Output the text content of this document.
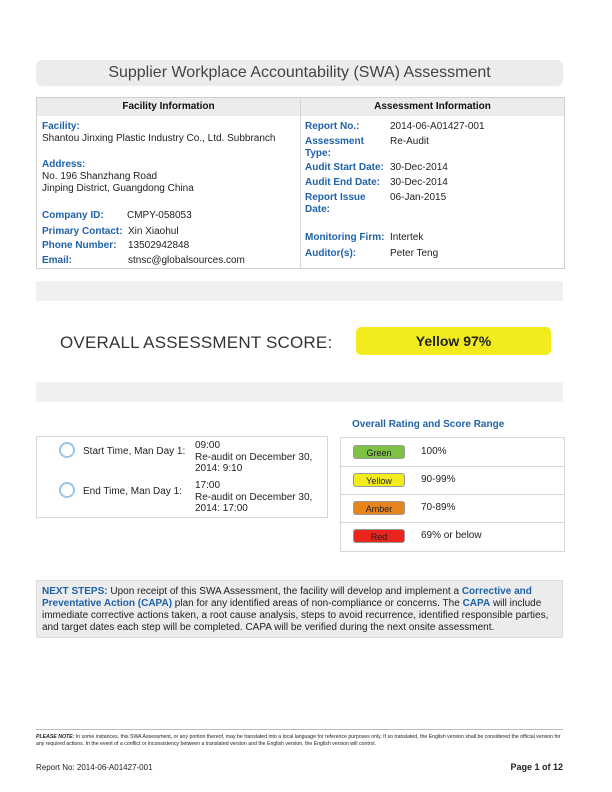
Supplier Workplace Accountability (SWA) Assessment
Facility Information	Assessment Information
Facility:
Shantou Jinxing Plastic Industry Co., Ltd. Subbranch
Address:
No. 196 Shanzhang Road
Jinping District, Guangdong China
Company ID: CMPY-058053
Primary Contact: Xin Xiaohul
Phone Number: 13502942848
Email:	stnsc@globalsources.com
Report No.:	2014-06-A01427-001
Assessment
Type:
Re-Audit
Audit Start Date: 30-Dec-2014
Audit End Date: 30-Dec-2014
Report Issue
Date:
06-Jan-2015
Monitoring Firm: Intertek
Auditor(s):	Peter Teng
OVERALL ASSESSMENT SCORE:	Yellow 97%
Start Time, Man Day 1:
09:00
Re-audit on December 30,
2014: 9:10
End Time, Man Day 1:
17:00
Re-audit on December 30,
2014: 17:00
Overall Rating and Score Range
Green	100%
Yellow	90-99%
Amber	70-89%
Red	69% or below
NEXT STEPS: Upon receipt of this SWA Assessment, the facility will develop and implement a Corrective and Preventative Action (CAPA) plan for any identified areas of non-compliance or concerns. The CAPA will include immediate corrective actions taken, a root cause analysis, steps to avoid recurrence, identified responsible parties, and target dates each step will be completed. CAPA will be verified during the next onsite assessment.
PLEASE NOTE: In some instances, this SWA Assessment, or any portion thereof, may be translated into a local language for reference purposes only. If so translated, the English version shall be considered the official version for any required actions. In the event of a conflict or inconsistency between a translated version and the English version, the English version will control.
Report No: 2014-06-A01427-001	Page 1 of 12
